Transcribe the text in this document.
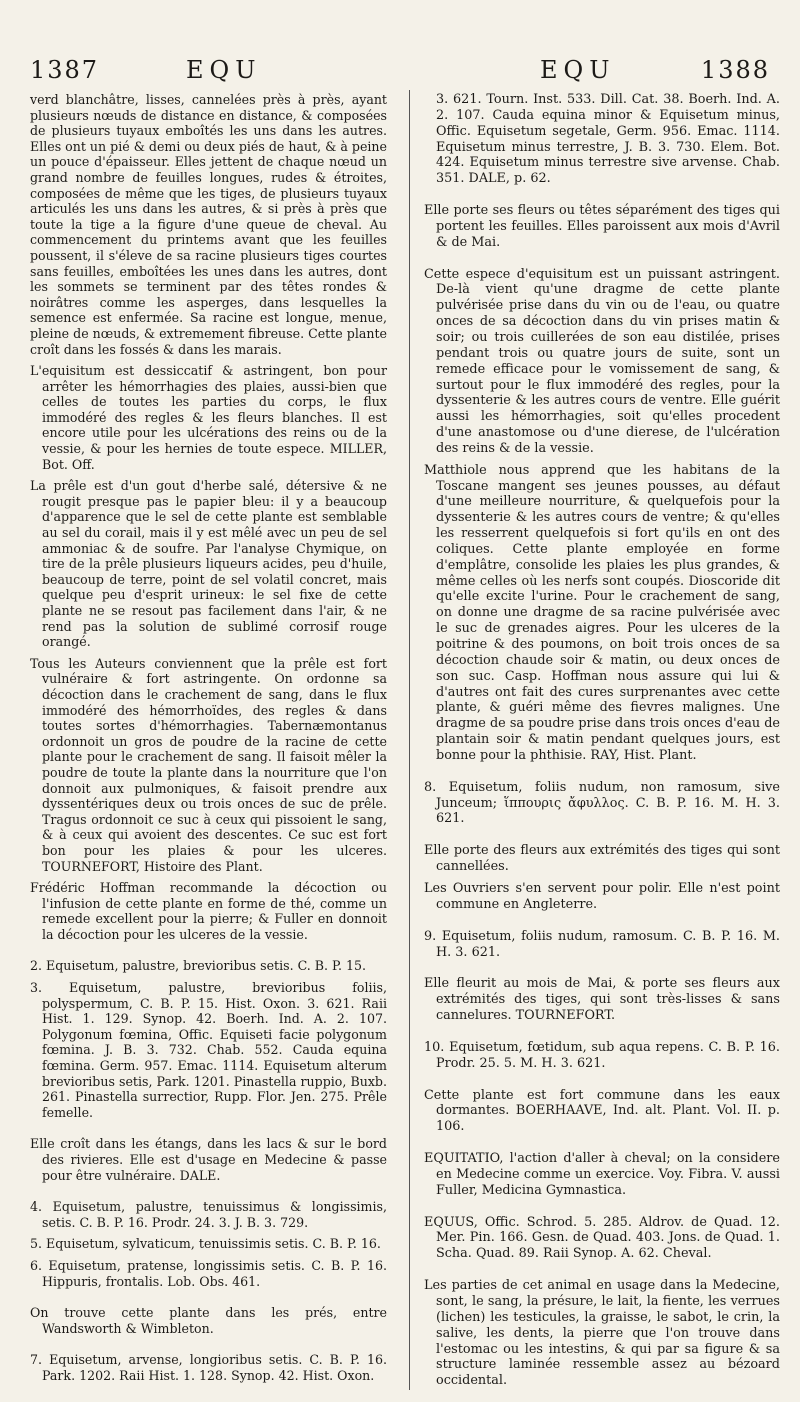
1387	EQU	EQU	1388

verd blanchâtre, lisses, cannelées près à près, ayant plusieurs nœuds de distance en distance, & composées de plusieurs tuyaux emboîtés les uns dans les autres. Elles ont un pié & demi ou deux piés de haut, & à peine un pouce d'épaisseur. Elles jettent de chaque nœud un grand nombre de feuilles longues, rudes & étroites, composées de même que les tiges, de plusieurs tuyaux articulés les uns dans les autres, & si près à près que toute la tige a la figure d'une queue de cheval. Au commencement du printems avant que les feuilles poussent, il s'éleve de sa racine plusieurs tiges courtes sans feuilles, emboîtées les unes dans les autres, dont les sommets se terminent par des têtes rondes & noirâtres comme les asperges, dans lesquelles la semence est enfermée. Sa racine est longue, menue, pleine de nœuds, & extremement fibreuse. Cette plante croît dans les fossés & dans les marais.

L'equisitum est dessiccatif & astringent, bon pour arrêter les hémorrhagies des plaies, aussi-bien que celles de toutes les parties du corps, le flux immodéré des regles & les fleurs blanches. Il est encore utile pour les ulcérations des reins ou de la vessie, & pour les hernies de toute espece. MILLER, Bot. Off.

La prêle est d'un gout d'herbe salé, détersive & ne rougit presque pas le papier bleu: il y a beaucoup d'apparence que le sel de cette plante est semblable au sel du corail, mais il y est mêlé avec un peu de sel ammoniac & de soufre. Par l'analyse Chymique, on tire de la prêle plusieurs liqueurs acides, peu d'huile, beaucoup de terre, point de sel volatil concret, mais quelque peu d'esprit urineux: le sel fixe de cette plante ne se resout pas facilement dans l'air, & ne rend pas la solution de sublimé corrosif rouge orangé.

Tous les Auteurs conviennent que la prêle est fort vulnéraire & fort astringente. On ordonne sa décoction dans le crachement de sang, dans le flux immodéré des hémorrhoïdes, des regles & dans toutes sortes d'hémorrhagies. Tabernæmontanus ordonnoit un gros de poudre de la racine de cette plante pour le crachement de sang. Il faisoit mêler la poudre de toute la plante dans la nourriture que l'on donnoit aux pulmoniques, & faisoit prendre aux dyssentériques deux ou trois onces de suc de prêle. Tragus ordonnoit ce suc à ceux qui pissoient le sang, & à ceux qui avoient des descentes. Ce suc est fort bon pour les plaies & pour les ulceres. TOURNEFORT, Histoire des Plant.

Frédéric Hoffman recommande la décoction ou l'infusion de cette plante en forme de thé, comme un remede excellent pour la pierre; & Fuller en donnoit la décoction pour les ulceres de la vessie.

2. Equisetum, palustre, brevioribus setis. C. B. P. 15.

3. Equisetum, palustre, brevioribus foliis, polyspermum, C. B. P. 15. Hist. Oxon. 3. 621. Raii Hist. 1. 129. Synop. 42. Boerh. Ind. A. 2. 107. Polygonum fœmina, Offic. Equiseti facie polygonum fœmina. J. B. 3. 732. Chab. 552. Cauda equina fœmina. Germ. 957. Emac. 1114. Equisetum alterum brevioribus setis, Park. 1201. Pinastella ruppio, Buxb. 261. Pinastella surrectior, Rupp. Flor. Jen. 275. Prêle femelle.

Elle croît dans les étangs, dans les lacs & sur le bord des rivieres. Elle est d'usage en Medecine & passe pour être vulnéraire. DALE.

4. Equisetum, palustre, tenuissimus & longissimis, setis. C. B. P. 16. Prodr. 24. 3. J. B. 3. 729.

5. Equisetum, sylvaticum, tenuissimis setis. C. B. P. 16.

6. Equisetum, pratense, longissimis setis. C. B. P. 16. Hippuris, frontalis. Lob. Obs. 461.

On trouve cette plante dans les prés, entre Wandsworth & Wimbleton.

7. Equisetum, arvense, longioribus setis. C. B. P. 16. Park. 1202. Raii Hist. 1. 128. Synop. 42. Hist. Oxon.

3. 621. Tourn. Inst. 533. Dill. Cat. 38. Boerh. Ind. A. 2. 107. Cauda equina minor & Equisetum minus, Offic. Equisetum segetale, Germ. 956. Emac. 1114. Equisetum minus terrestre, J. B. 3. 730. Elem. Bot. 424. Equisetum minus terrestre sive arvense. Chab. 351. DALE, p. 62.

Elle porte ses fleurs ou têtes séparément des tiges qui portent les feuilles. Elles paroissent aux mois d'Avril & de Mai.

Cette espece d'equisitum est un puissant astringent. De-là vient qu'une dragme de cette plante pulvérisée prise dans du vin ou de l'eau, ou quatre onces de sa décoction dans du vin prises matin & soir; ou trois cuillerées de son eau distilée, prises pendant trois ou quatre jours de suite, sont un remede efficace pour le vomissement de sang, & surtout pour le flux immodéré des regles, pour la dyssenterie & les autres cours de ventre. Elle guérit aussi les hémorrhagies, soit qu'elles procedent d'une anastomose ou d'une dierese, de l'ulcération des reins & de la vessie.

Matthiole nous apprend que les habitans de la Toscane mangent ses jeunes pousses, au défaut d'une meilleure nourriture, & quelquefois pour la dyssenterie & les autres cours de ventre; & qu'elles les resserrent quelquefois si fort qu'ils en ont des coliques. Cette plante employée en forme d'emplâtre, consolide les plaies les plus grandes, & même celles où les nerfs sont coupés. Dioscoride dit qu'elle excite l'urine. Pour le crachement de sang, on donne une dragme de sa racine pulvérisée avec le suc de grenades aigres. Pour les ulceres de la poitrine & des poumons, on boit trois onces de sa décoction chaude soir & matin, ou deux onces de son suc. Casp. Hoffman nous assure qui lui & d'autres ont fait des cures surprenantes avec cette plante, & guéri même des fievres malignes. Une dragme de sa poudre prise dans trois onces d'eau de plantain soir & matin pendant quelques jours, est bonne pour la phthisie. RAY, Hist. Plant.

8. Equisetum, foliis nudum, non ramosum, sive Junceum; ἵππουρις ἄφυλλος. C. B. P. 16. M. H. 3. 621.

Elle porte des fleurs aux extrémités des tiges qui sont cannellées.

Les Ouvriers s'en servent pour polir. Elle n'est point commune en Angleterre.

9. Equisetum, foliis nudum, ramosum. C. B. P. 16. M. H. 3. 621.

Elle fleurit au mois de Mai, & porte ses fleurs aux extrémités des tiges, qui sont très-lisses & sans cannelures. TOURNEFORT.

10. Equisetum, fœtidum, sub aqua repens. C. B. P. 16. Prodr. 25. 5. M. H. 3. 621.

Cette plante est fort commune dans les eaux dormantes. BOERHAAVE, Ind. alt. Plant. Vol. II. p. 106.

EQUITATIO, l'action d'aller à cheval; on la considere en Medecine comme un exercice. Voy. Fibra. V. aussi Fuller, Medicina Gymnastica.

EQUUS, Offic. Schrod. 5. 285. Aldrov. de Quad. 12. Mer. Pin. 166. Gesn. de Quad. 403. Jons. de Quad. 1. Scha. Quad. 89. Raii Synop. A. 62. Cheval.

Les parties de cet animal en usage dans la Medecine, sont, le sang, la présure, le lait, la fiente, les verrues (lichen) les testicules, la graisse, le sabot, le crin, la salive, les dents, la pierre que l'on trouve dans l'estomac ou les intestins, & qui par sa figure & sa structure laminée ressemble assez au bézoard occidental.
